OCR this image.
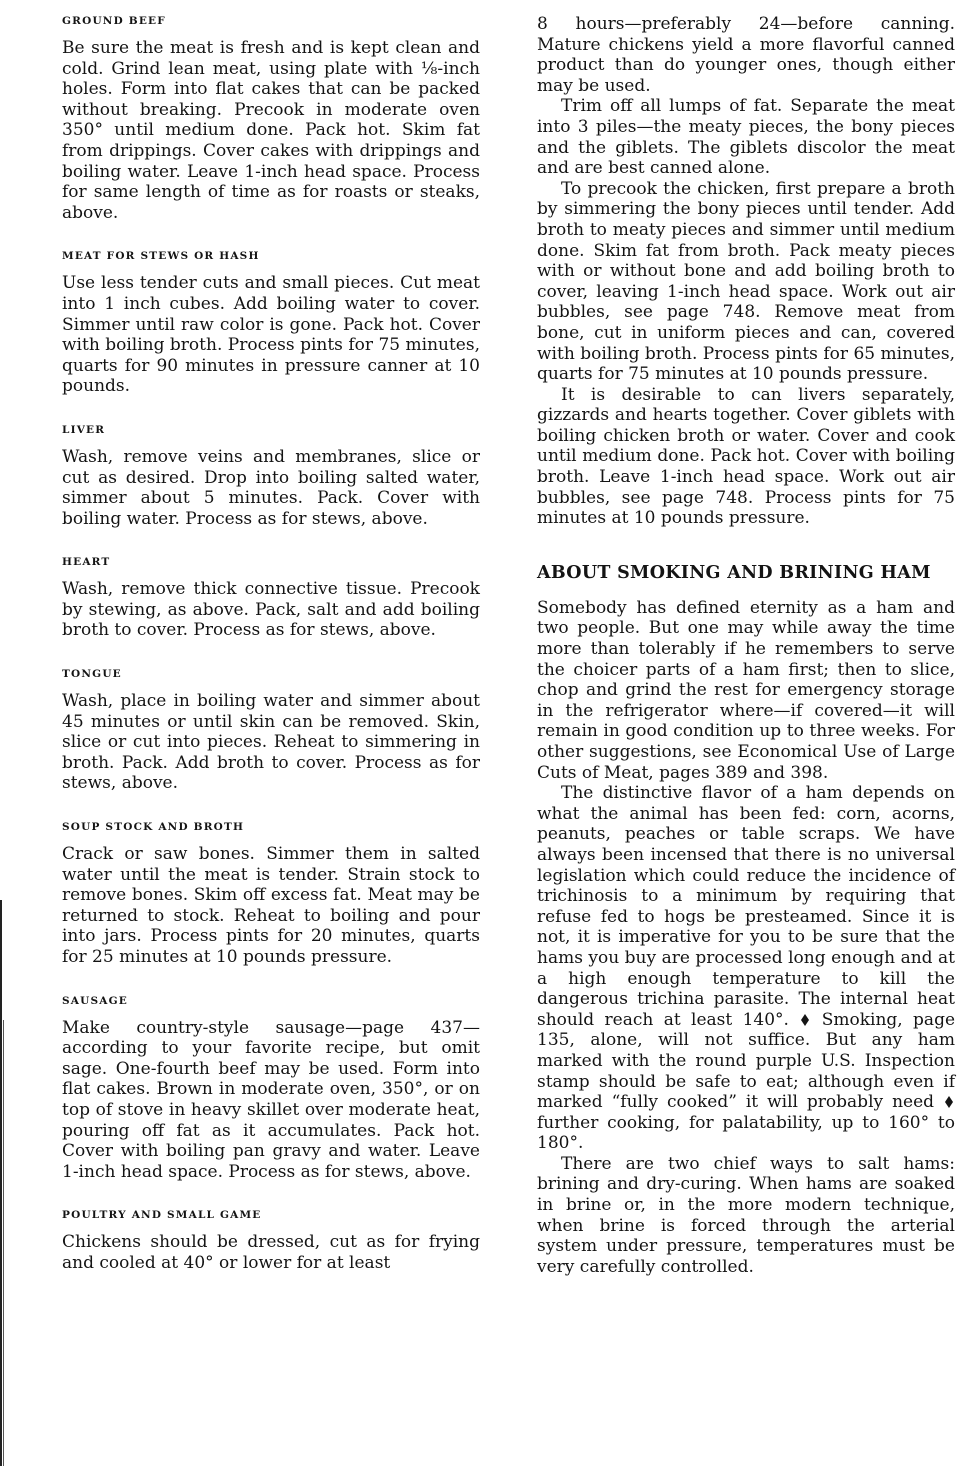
GROUND BEEF

Be sure the meat is fresh and is kept clean and cold. Grind lean meat, using plate with ⅛-inch holes. Form into flat cakes that can be packed without breaking. Precook in moderate oven 350° until medium done. Pack hot. Skim fat from drippings. Cover cakes with drippings and boiling water. Leave 1-inch head space. Process for same length of time as for roasts or steaks, above.

MEAT FOR STEWS OR HASH

Use less tender cuts and small pieces. Cut meat into 1 inch cubes. Add boiling water to cover. Simmer until raw color is gone. Pack hot. Cover with boiling broth. Process pints for 75 minutes, quarts for 90 minutes in pressure canner at 10 pounds.

LIVER

Wash, remove veins and membranes, slice or cut as desired. Drop into boiling salted water, simmer about 5 minutes. Pack. Cover with boiling water. Process as for stews, above.

HEART

Wash, remove thick connective tissue. Precook by stewing, as above. Pack, salt and add boiling broth to cover. Process as for stews, above.

TONGUE

Wash, place in boiling water and simmer about 45 minutes or until skin can be removed. Skin, slice or cut into pieces. Reheat to simmering in broth. Pack. Add broth to cover. Process as for stews, above.

SOUP STOCK AND BROTH

Crack or saw bones. Simmer them in salted water until the meat is tender. Strain stock to remove bones. Skim off excess fat. Meat may be returned to stock. Reheat to boiling and pour into jars. Process pints for 20 minutes, quarts for 25 minutes at 10 pounds pressure.

SAUSAGE

Make country-style sausage—page 437—according to your favorite recipe, but omit sage. One-fourth beef may be used. Form into flat cakes. Brown in moderate oven, 350°, or on top of stove in heavy skillet over moderate heat, pouring off fat as it accumulates. Pack hot. Cover with boiling pan gravy and water. Leave 1-inch head space. Process as for stews, above.

POULTRY AND SMALL GAME

Chickens should be dressed, cut as for frying and cooled at 40° or lower for at least

8 hours—preferably 24—before canning. Mature chickens yield a more flavorful canned product than do younger ones, though either may be used.

Trim off all lumps of fat. Separate the meat into 3 piles—the meaty pieces, the bony pieces and the giblets. The giblets discolor the meat and are best canned alone.

To precook the chicken, first prepare a broth by simmering the bony pieces until tender. Add broth to meaty pieces and simmer until medium done. Skim fat from broth. Pack meaty pieces with or without bone and add boiling broth to cover, leaving 1-inch head space. Work out air bubbles, see page 748. Remove meat from bone, cut in uniform pieces and can, covered with boiling broth. Process pints for 65 minutes, quarts for 75 minutes at 10 pounds pressure.

It is desirable to can livers separately, gizzards and hearts together. Cover giblets with boiling chicken broth or water. Cover and cook until medium done. Pack hot. Cover with boiling broth. Leave 1-inch head space. Work out air bubbles, see page 748. Process pints for 75 minutes at 10 pounds pressure.

ABOUT SMOKING AND BRINING HAM

Somebody has defined eternity as a ham and two people. But one may while away the time more than tolerably if he remembers to serve the choicer parts of a ham first; then to slice, chop and grind the rest for emergency storage in the refrigerator where—if covered—it will remain in good condition up to three weeks. For other suggestions, see Economical Use of Large Cuts of Meat, pages 389 and 398.

The distinctive flavor of a ham depends on what the animal has been fed: corn, acorns, peanuts, peaches or table scraps. We have always been incensed that there is no universal legislation which could reduce the incidence of trichinosis to a minimum by requiring that refuse fed to hogs be presteamed. Since it is not, it is imperative for you to be sure that the hams you buy are processed long enough and at a high enough temperature to kill the dangerous trichina parasite. The internal heat should reach at least 140°. Smoking, page 135, alone, will not suffice. But any ham marked with the round purple U.S. Inspection stamp should be safe to eat; although even if marked “fully cooked” it will probably need  further cooking, for palatability, up to 160° to 180°.

There are two chief ways to salt hams: brining and dry-curing. When hams are soaked in brine or, in the more modern technique, when brine is forced through the arterial system under pressure, temperatures must be very carefully controlled.
